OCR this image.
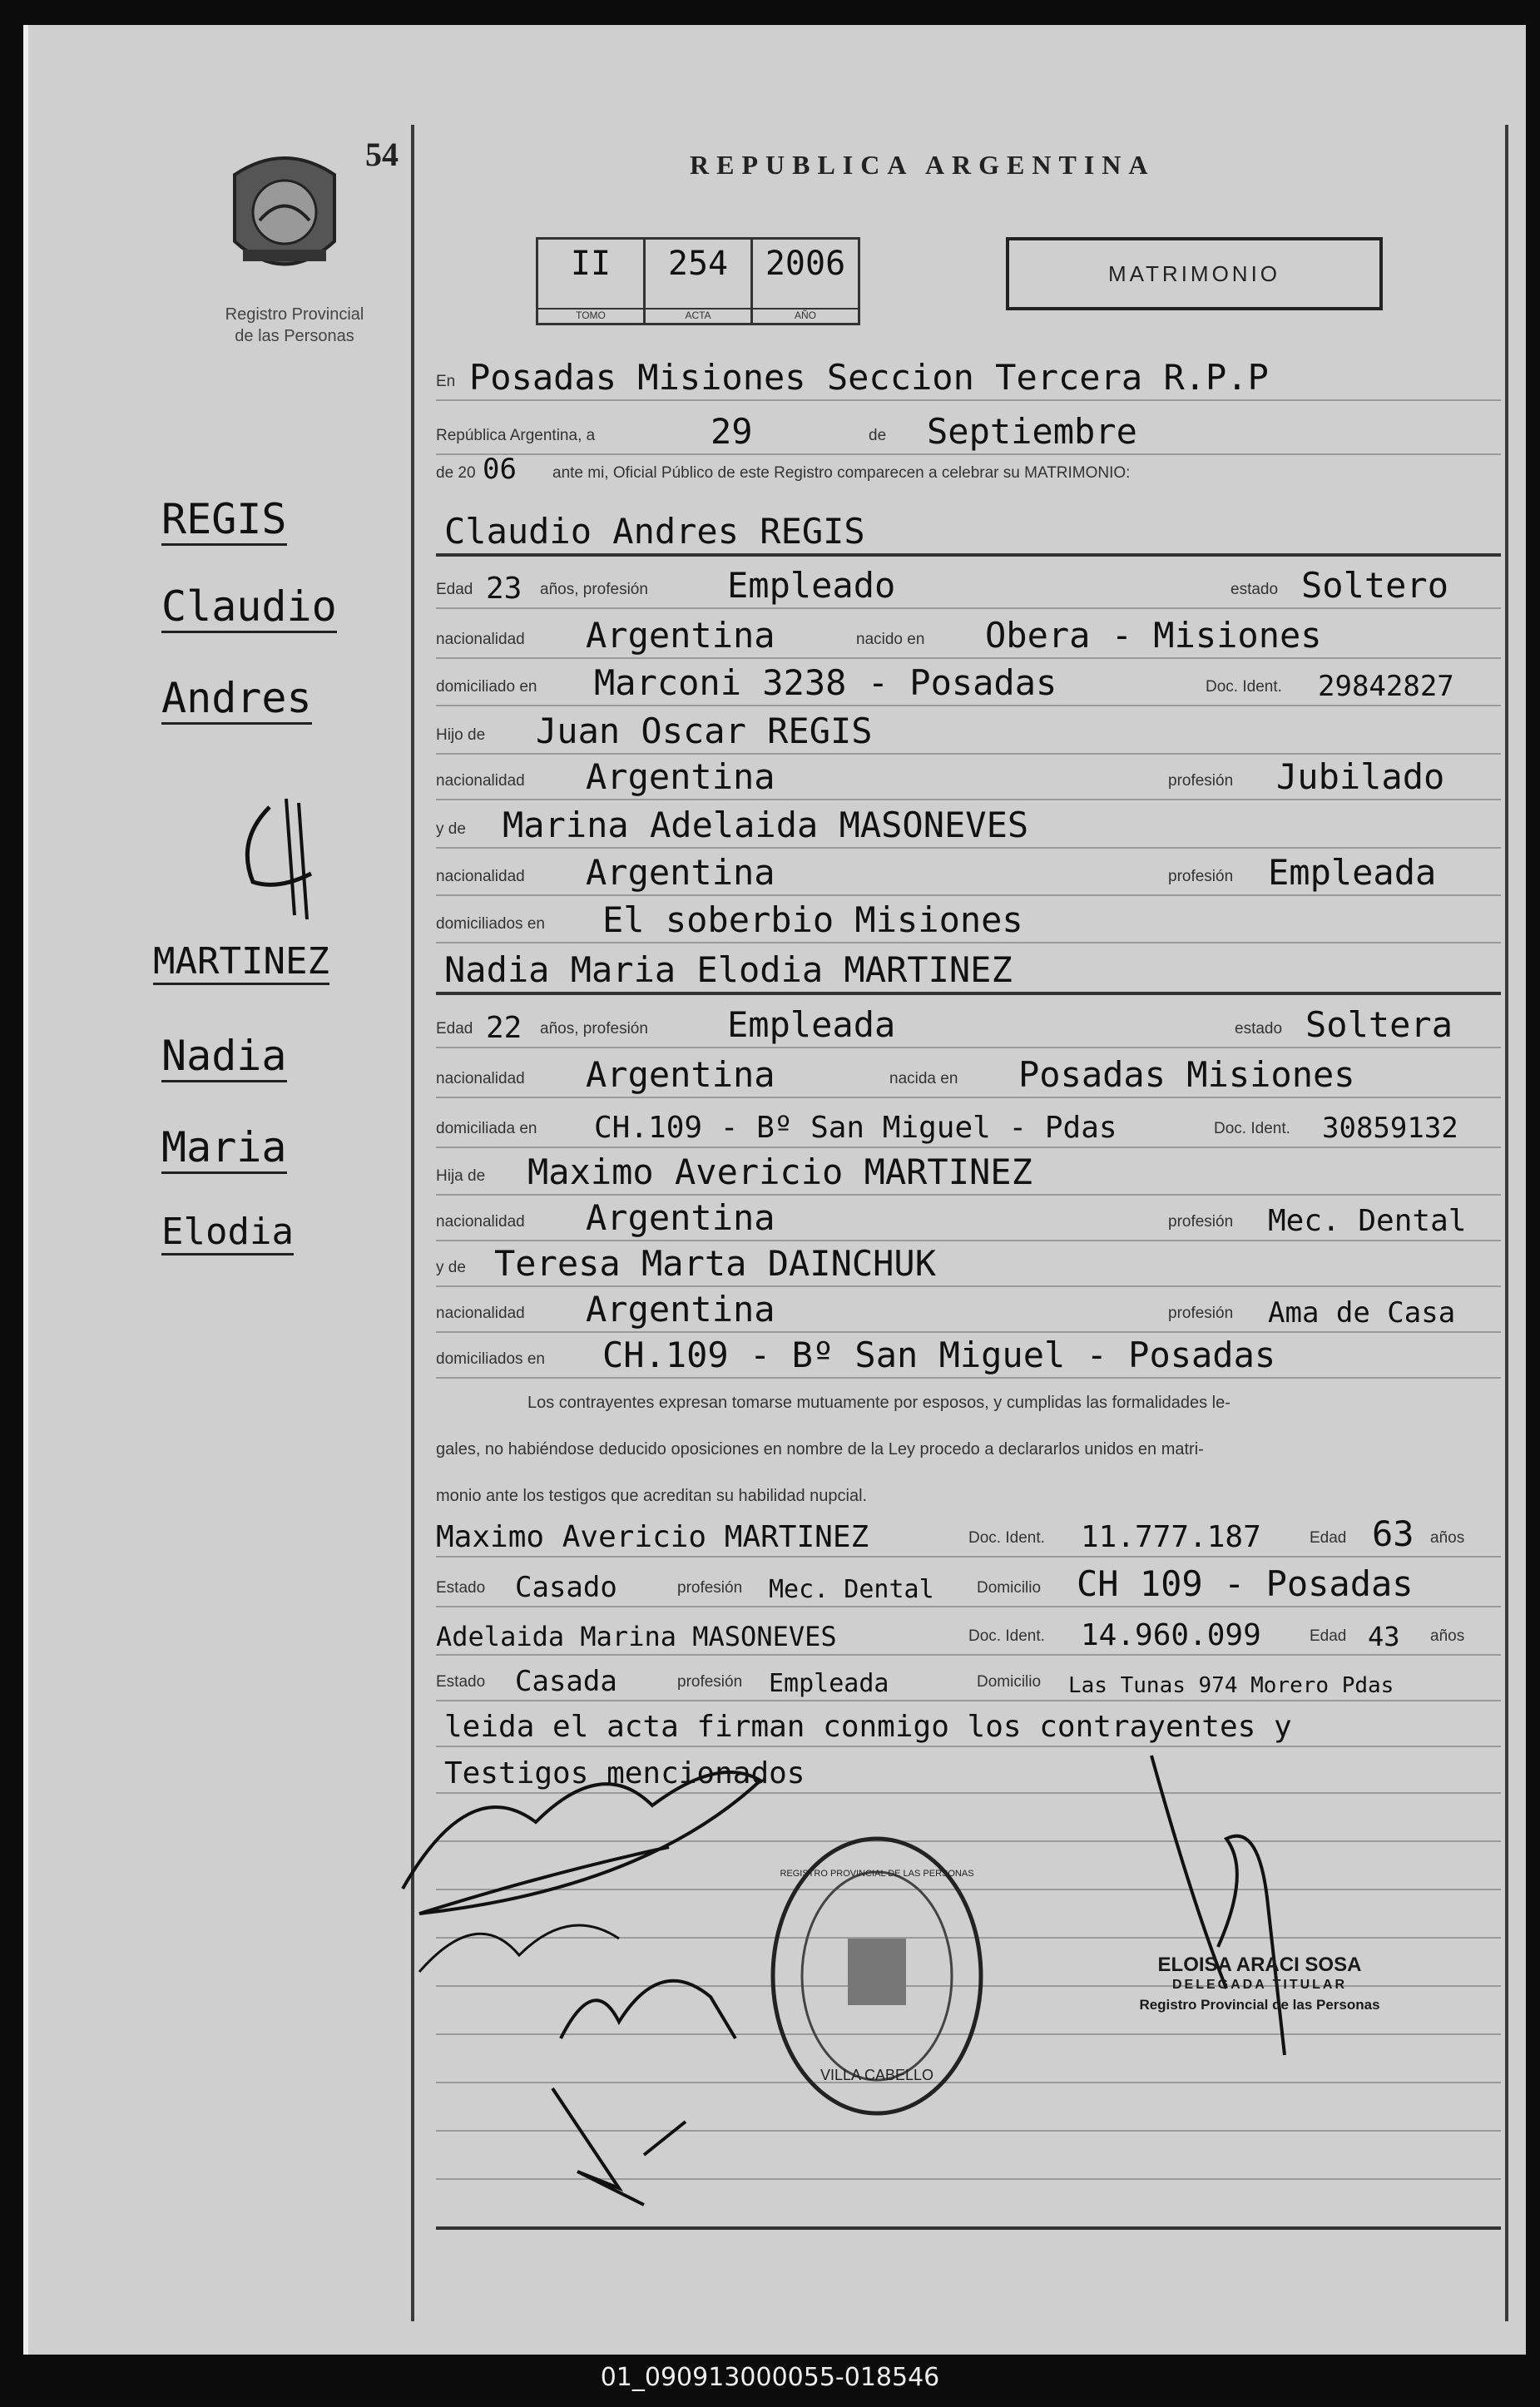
54
Registro Provincial
de las Personas
REPUBLICA ARGENTINA
II
TOMO
254
ACTA
2006
AÑO
MATRIMONIO
En Posadas Misiones Seccion Tercera R.P.P
República Argentina, a	29	de Septiembre
de 20 06 ante mi, Oficial Público de este Registro comparecen a celebrar su MATRIMONIO:
Claudio Andres REGIS
Edad 23 años, profesión Empleado	estado Soltero
nacionalidad Argentina	nacido en Obera - Misiones
domiciliado en Marconi 3238 - Posadas	Doc. Ident. 29842827
Hijo de Juan Oscar REGIS
nacionalidad Argentina	profesión Jubilado
y de Marina Adelaida MASONEVES
nacionalidad Argentina	profesión Empleada
domiciliados en El soberbio Misiones
Nadia Maria Elodia MARTINEZ
Edad 22 años, profesión Empleada	estado Soltera
nacionalidad Argentina	nacida en Posadas Misiones
domiciliada en CH.109 - Bº San Miguel - Pdas	Doc. Ident. 30859132
Hija de Maximo Avericio MARTINEZ
nacionalidad Argentina	profesión Mec. Dental
y de Teresa Marta DAINCHUK
nacionalidad Argentina	profesión Ama de Casa
domiciliados en CH.109 - Bº San Miguel - Posadas
Los contrayentes expresan tomarse mutuamente por esposos, y cumplidas las formalidades le-
gales, no habiéndose deducido oposiciones en nombre de la Ley procedo a declararlos unidos en matri-
monio ante los testigos que acreditan su habilidad nupcial.
Maximo Avericio MARTINEZ	Doc. Ident. 11.777.187	Edad 63 años
Estado Casado	profesión Mec. Dental	Domicilio CH 109 - Posadas
Adelaida Marina MASONEVES	Doc. Ident. 14.960.099	Edad 43 años
Estado Casada	profesión Empleada	Domicilio Las Tunas 974 Morero Pdas
leida el acta firman conmigo los contrayentes y
Testigos mencionados
REGIS
Claudio
Andres
MARTINEZ
Nadia
Maria
Elodia
VILLA CABELLO
REGISTRO PROVINCIAL DE LAS PERSONAS
ELOISA ARACI SOSA
DELEGADA TITULAR
Registro Provincial de las Personas
01_090913000055-018546
